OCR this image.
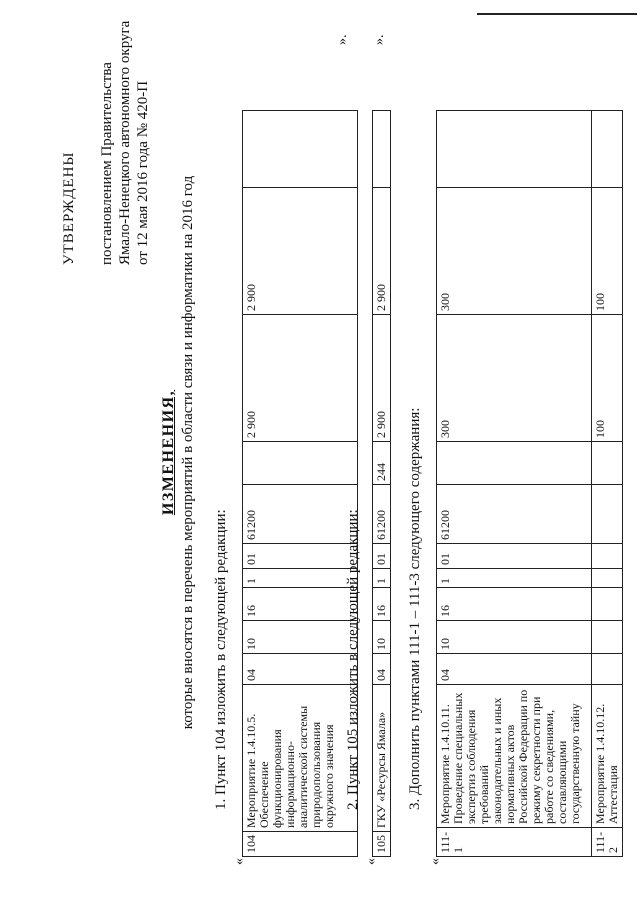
УТВЕРЖДЕНЫ постановлением Правительства Ямало-Ненецкого автономного округа от 12 мая 2016 года № 420-П
ИЗМЕНЕНИЯ, которые вносятся в перечень мероприятий в области связи и информатики на 2016 год 1. Пункт 104 изложить в следующей редакции:
«
104	Мероприятие 1.4.10.5. Обеспечение функционирования информационно-аналитической системы природопользования окружного значения	04	10	16	1	01	61200		2 900	2 900	
».
2. Пункт 105 изложить в следующей редакции:
«
105	ГКУ «Ресурсы Ямала»	04	10	16	1	01	61200	244	2 900	2 900	
».
3. Дополнить пунктами 111-1 – 111-3 следующего содержания:
«
111-1	Мероприятие 1.4.10.11. Проведение специальных экспертиз соблюдения требований законодательных и иных нормативных актов Российской Федерации по режиму секретности при работе со сведениями, составляющими государственную тайну	04	10	16	1	01	61200		300	300	
111-2	Мероприятие 1.4.10.12. Аттестация								100	100	
